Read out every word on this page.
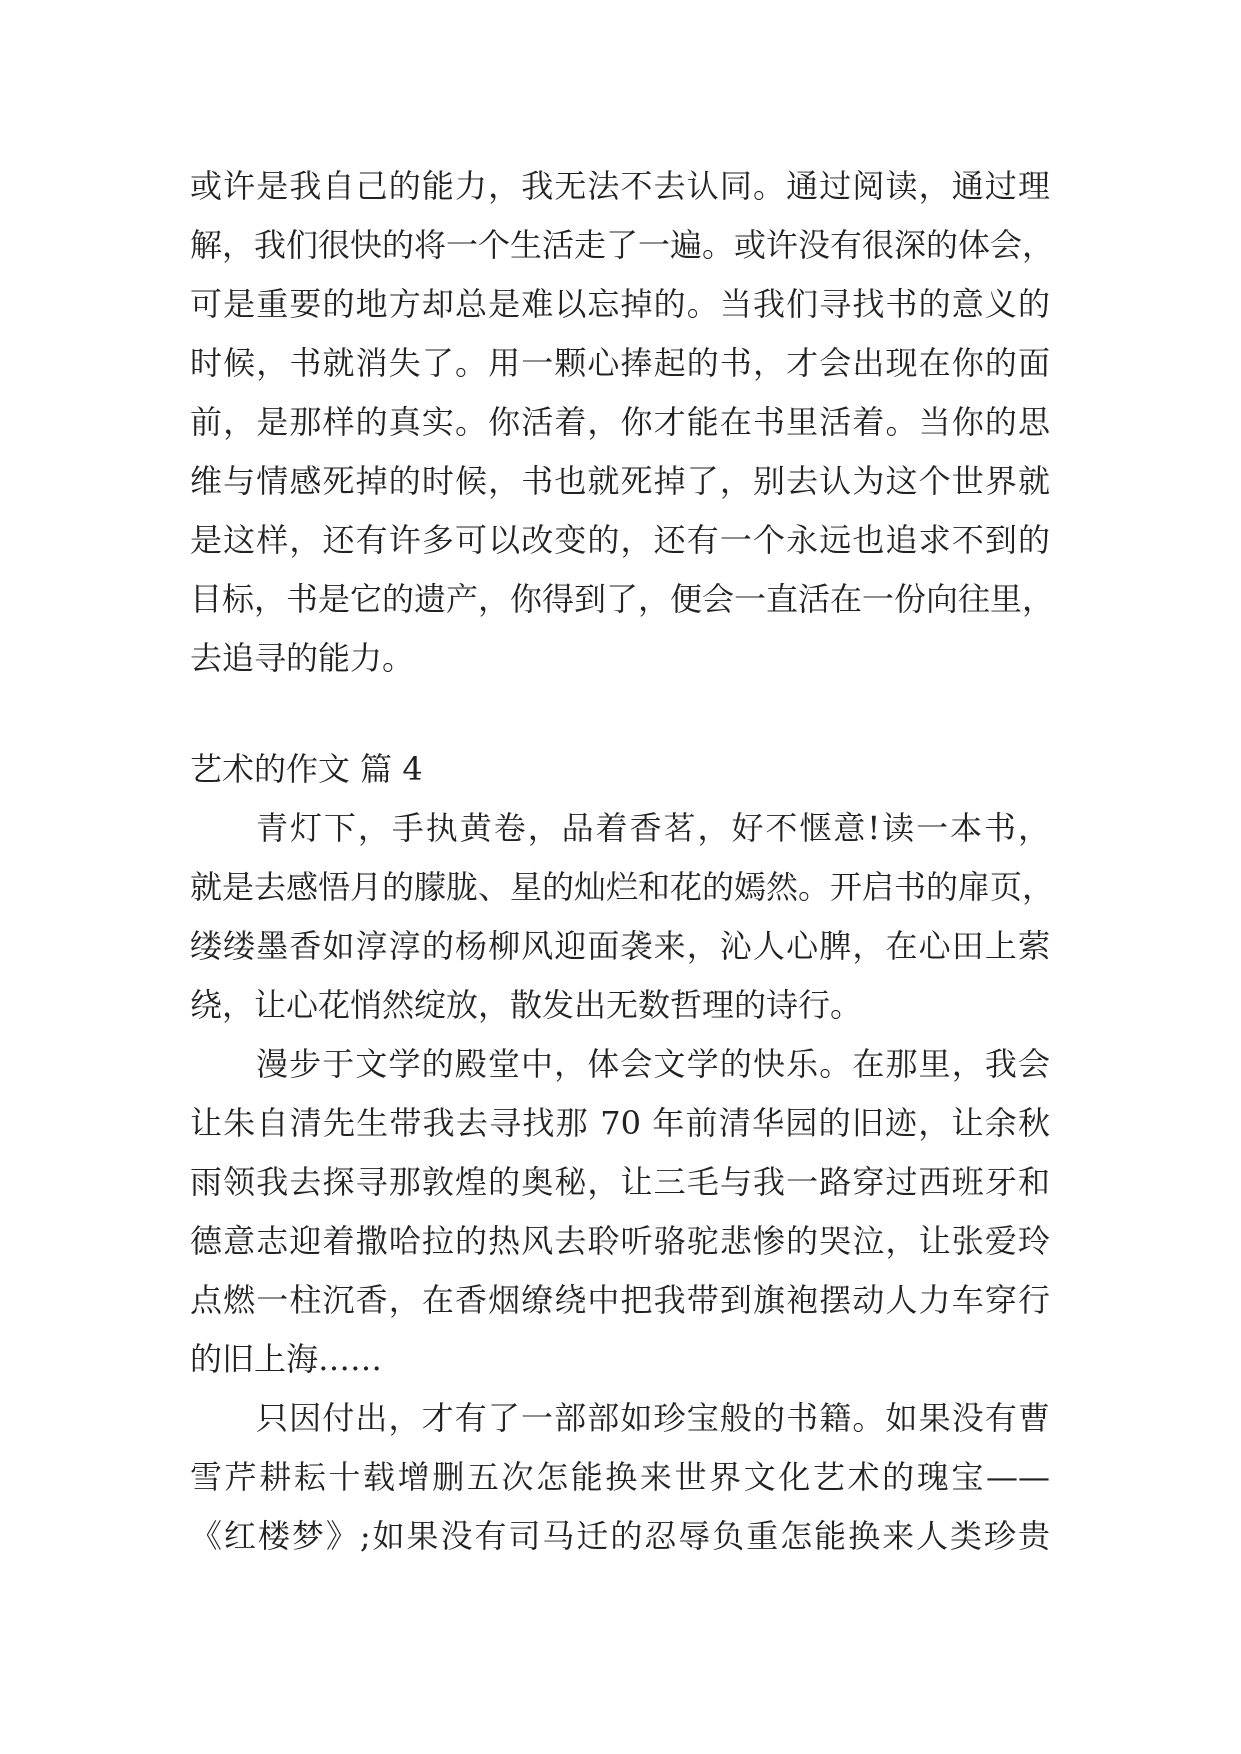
或许是我自己的能力，我无法不去认同。通过阅读，通过理
解，我们很快的将一个生活走了一遍。或许没有很深的体会，
可是重要的地方却总是难以忘掉的。当我们寻找书的意义的
时候，书就消失了。用一颗心捧起的书，才会出现在你的面
前，是那样的真实。你活着，你才能在书里活着。当你的思
维与情感死掉的时候，书也就死掉了，别去认为这个世界就
是这样，还有许多可以改变的，还有一个永远也追求不到的
目标，书是它的遗产，你得到了，便会一直活在一份向往里，
去追寻的能力。
艺术的作文 篇 4
青灯下，手执黄卷，品着香茗，好不惬意!读一本书，
就是去感悟月的朦胧、星的灿烂和花的嫣然。开启书的扉页，
缕缕墨香如淳淳的杨柳风迎面袭来，沁人心脾，在心田上萦
绕，让心花悄然绽放，散发出无数哲理的诗行。
漫步于文学的殿堂中，体会文学的快乐。在那里，我会
让朱自清先生带我去寻找那 70 年前清华园的旧迹，让余秋
雨领我去探寻那敦煌的奥秘，让三毛与我一路穿过西班牙和
德意志迎着撒哈拉的热风去聆听骆驼悲惨的哭泣，让张爱玲
点燃一柱沉香，在香烟缭绕中把我带到旗袍摆动人力车穿行
的旧上海……
只因付出，才有了一部部如珍宝般的书籍。如果没有曹
雪芹耕耘十载增删五次怎能换来世界文化艺术的瑰宝——
《红楼梦》;如果没有司马迁的忍辱负重怎能换来人类珍贵
